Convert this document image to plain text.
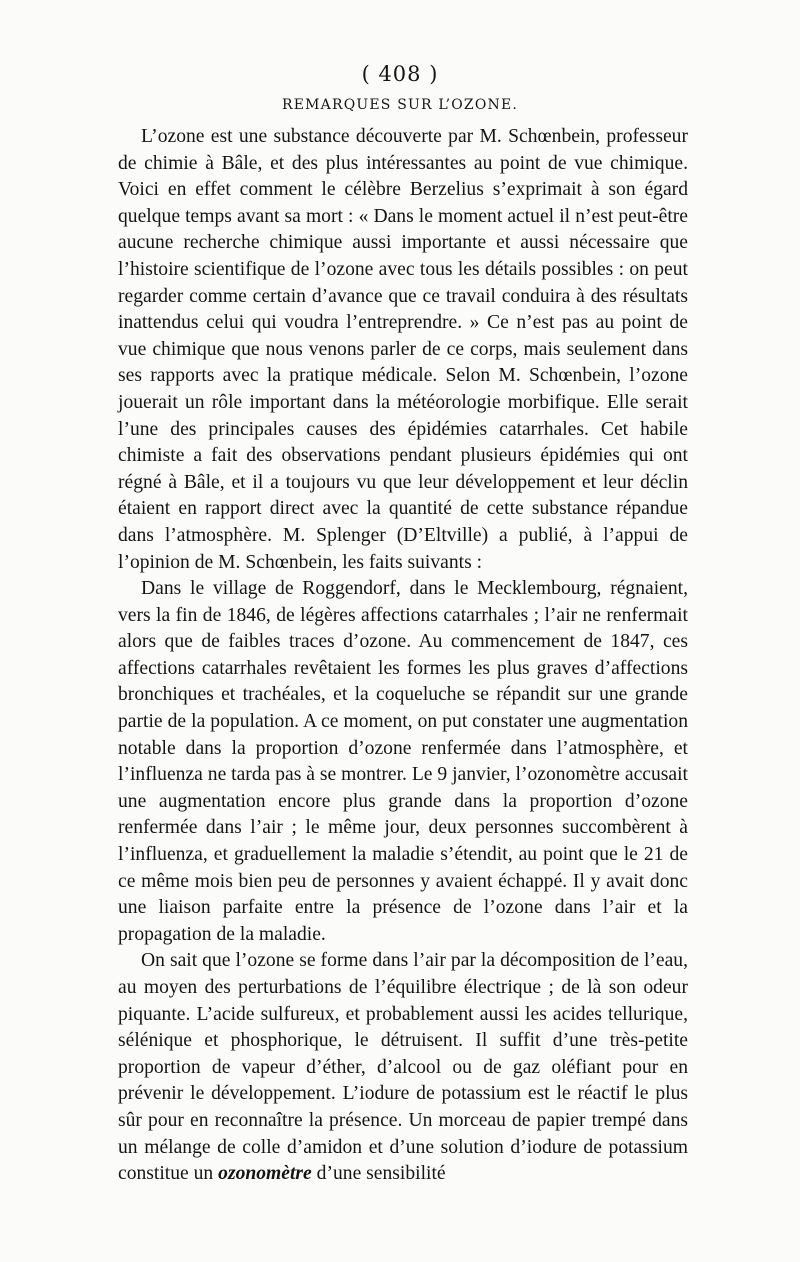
( 408 )
REMARQUES SUR L’OZONE.

L’ozone est une substance découverte par M. Schœnbein, professeur de chimie à Bâle, et des plus intéressantes au point de vue chimique. Voici en effet comment le célèbre Berzelius s’exprimait à son égard quelque temps avant sa mort : « Dans le moment actuel il n’est peut-être aucune recherche chimique aussi importante et aussi nécessaire que l’histoire scientifique de l’ozone avec tous les détails possibles : on peut regarder comme certain d’avance que ce travail conduira à des résultats inattendus celui qui voudra l’entreprendre. » Ce n’est pas au point de vue chimique que nous venons parler de ce corps, mais seulement dans ses rapports avec la pratique médicale. Selon M. Schœnbein, l’ozone jouerait un rôle important dans la météorologie morbifique. Elle serait l’une des principales causes des épidémies catarrhales. Cet habile chimiste a fait des observations pendant plusieurs épidémies qui ont régné à Bâle, et il a toujours vu que leur développement et leur déclin étaient en rapport direct avec la quantité de cette substance répandue dans l’atmosphère. M. Splenger (D’Eltville) a publié, à l’appui de l’opinion de M. Schœnbein, les faits suivants :

Dans le village de Roggendorf, dans le Mecklembourg, régnaient, vers la fin de 1846, de légères affections catarrhales ; l’air ne renfermait alors que de faibles traces d’ozone. Au commencement de 1847, ces affections catarrhales revêtaient les formes les plus graves d’affections bronchiques et trachéales, et la coqueluche se répandit sur une grande partie de la population. A ce moment, on put constater une augmentation notable dans la proportion d’ozone renfermée dans l’atmosphère, et l’influenza ne tarda pas à se montrer. Le 9 janvier, l’ozonomètre accusait une augmentation encore plus grande dans la proportion d’ozone renfermée dans l’air ; le même jour, deux personnes succombèrent à l’influenza, et graduellement la maladie s’étendit, au point que le 21 de ce même mois bien peu de personnes y avaient échappé. Il y avait donc une liaison parfaite entre la présence de l’ozone dans l’air et la propagation de la maladie.

On sait que l’ozone se forme dans l’air par la décomposition de l’eau, au moyen des perturbations de l’équilibre électrique ; de là son odeur piquante. L’acide sulfureux, et probablement aussi les acides tellurique, sélénique et phosphorique, le détruisent. Il suffit d’une très-petite proportion de vapeur d’éther, d’alcool ou de gaz oléfiant pour en prévenir le développement. L’iodure de potassium est le réactif le plus sûr pour en reconnaître la présence. Un morceau de papier trempé dans un mélange de colle d’amidon et d’une solution d’iodure de potassium constitue un ozonomètre d’une sensibilité
